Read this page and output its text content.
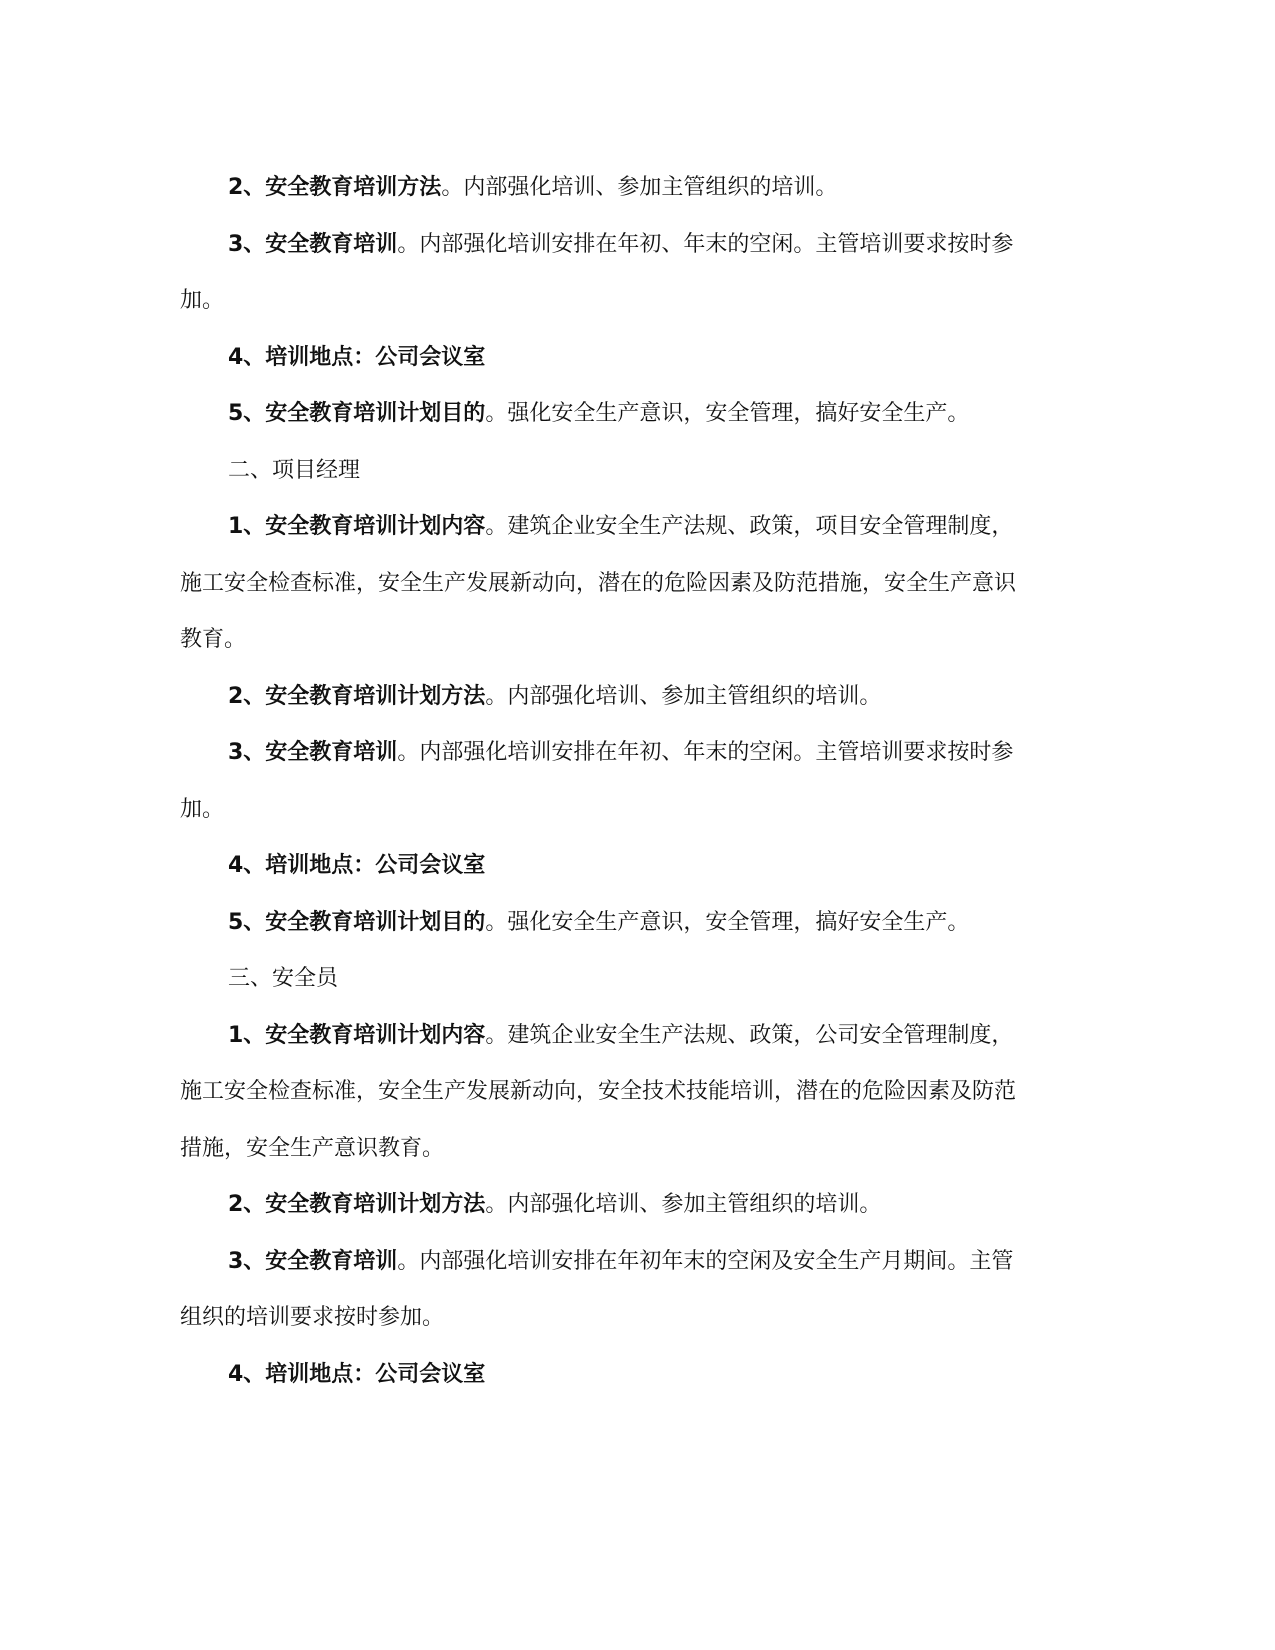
2、安全教育培训方法。内部强化培训、参加主管组织的培训。

3、安全教育培训。内部强化培训安排在年初、年末的空闲。主管培训要求按时参加。

4、培训地点：公司会议室

5、安全教育培训计划目的。强化安全生产意识，安全管理，搞好安全生产。

二、项目经理

1、安全教育培训计划内容。建筑企业安全生产法规、政策，项目安全管理制度，施工安全检查标准，安全生产发展新动向，潜在的危险因素及防范措施，安全生产意识教育。

2、安全教育培训计划方法。内部强化培训、参加主管组织的培训。

3、安全教育培训。内部强化培训安排在年初、年末的空闲。主管培训要求按时参加。

4、培训地点：公司会议室

5、安全教育培训计划目的。强化安全生产意识，安全管理，搞好安全生产。

三、安全员

1、安全教育培训计划内容。建筑企业安全生产法规、政策，公司安全管理制度，施工安全检查标准，安全生产发展新动向，安全技术技能培训，潜在的危险因素及防范措施，安全生产意识教育。

2、安全教育培训计划方法。内部强化培训、参加主管组织的培训。

3、安全教育培训。内部强化培训安排在年初年末的空闲及安全生产月期间。主管组织的培训要求按时参加。

4、培训地点：公司会议室
